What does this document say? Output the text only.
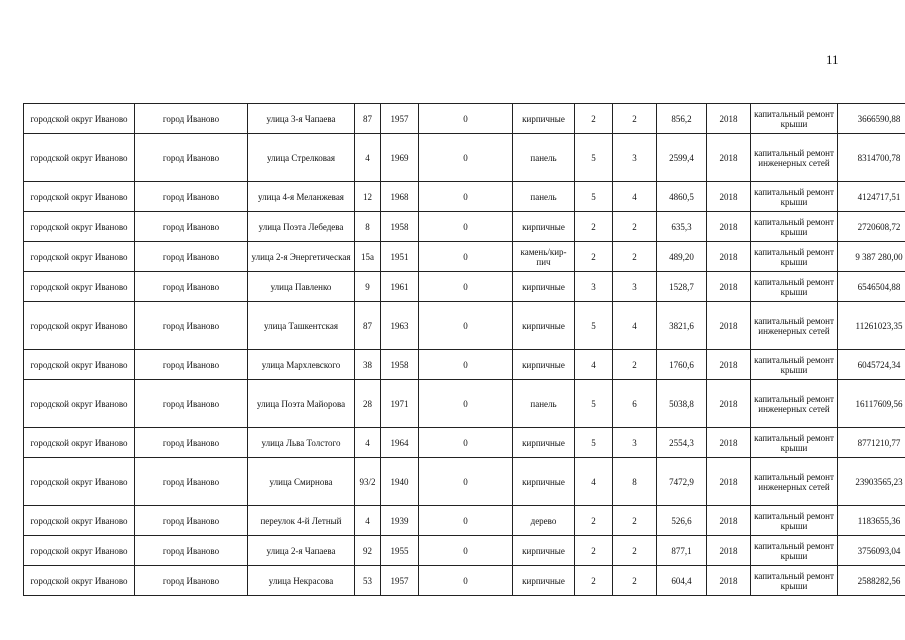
11
городской округ Иваново	город Иваново	улица 3-я Чапаева	87	1957	0	кирпичные	2	2	856,2	2018	капитальный ремонт крыши	3666590,88
городской округ Иваново	город Иваново	улица Стрелковая	4	1969	0	панель	5	3	2599,4	2018	капитальный ремонт инженерных сетей	8314700,78
городской округ Иваново	город Иваново	улица 4-я Меланжевая	12	1968	0	панель	5	4	4860,5	2018	капитальный ремонт крыши	4124717,51
городской округ Иваново	город Иваново	улица Поэта Лебедева	8	1958	0	кирпичные	2	2	635,3	2018	капитальный ремонт крыши	2720608,72
городской округ Иваново	город Иваново	улица 2-я Энергетическая	15а	1951	0	камень/кир-пич	2	2	489,20	2018	капитальный ремонт крыши	9 387 280,00
городской округ Иваново	город Иваново	улица Павленко	9	1961	0	кирпичные	3	3	1528,7	2018	капитальный ремонт крыши	6546504,88
городской округ Иваново	город Иваново	улица Ташкентская	87	1963	0	кирпичные	5	4	3821,6	2018	капитальный ремонт инженерных сетей	11261023,35
городской округ Иваново	город Иваново	улица Мархлевского	38	1958	0	кирпичные	4	2	1760,6	2018	капитальный ремонт крыши	6045724,34
городской округ Иваново	город Иваново	улица Поэта Майорова	28	1971	0	панель	5	6	5038,8	2018	капитальный ремонт инженерных сетей	16117609,56
городской округ Иваново	город Иваново	улица Льва Толстого	4	1964	0	кирпичные	5	3	2554,3	2018	капитальный ремонт крыши	8771210,77
городской округ Иваново	город Иваново	улица Смирнова	93/2	1940	0	кирпичные	4	8	7472,9	2018	капитальный ремонт инженерных сетей	23903565,23
городской округ Иваново	город Иваново	переулок 4-й Летный	4	1939	0	дерево	2	2	526,6	2018	капитальный ремонт крыши	1183655,36
городской округ Иваново	город Иваново	улица 2-я Чапаева	92	1955	0	кирпичные	2	2	877,1	2018	капитальный ремонт крыши	3756093,04
городской округ Иваново	город Иваново	улица Некрасова	53	1957	0	кирпичные	2	2	604,4	2018	капитальный ремонт крыши	2588282,56
